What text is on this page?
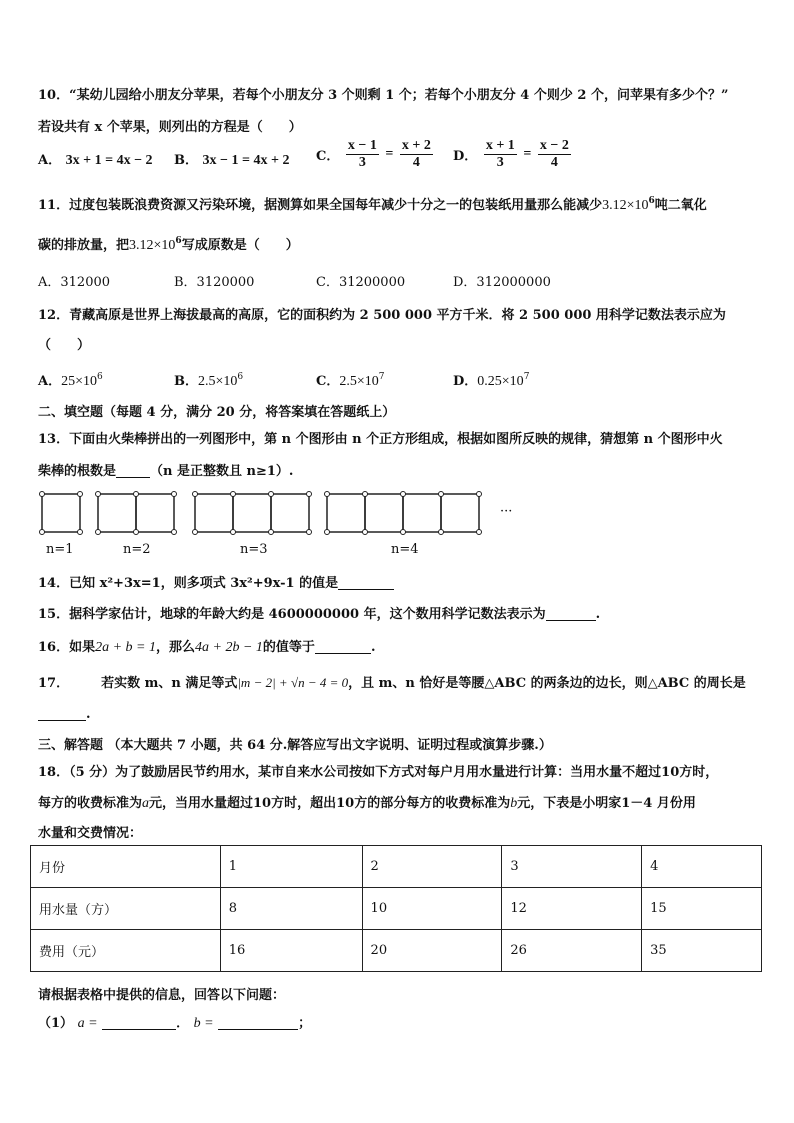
10．“某幼儿园给小朋友分苹果，若每个小朋友分 3 个则剩 1 个；若每个小朋友分 4 个则少 2 个，问苹果有多少个？”
若设共有 x 个苹果，则列出的方程是（　　）
A． 3x + 1 = 4x − 2 B． 3x − 1 = 4x + 2 C． $\frac{x - 1}{3} = \frac{x + 2}{4}$ D． $\frac{x + 1}{3} = \frac{x - 2}{4}$
11．过度包装既浪费资源又污染环境，据测算如果全国每年减少十分之一的包装纸用量那么能减少$3.12\times 10^6$吨二氧化
碳的排放量，把$3.12\times 10^6$写成原数是（　　）
A．312000	B．3120000	C．31200000	D．312000000
12．青藏高原是世界上海拔最高的高原，它的面积约为 2 500 000 平方千米．将 2 500 000 用科学记数法表示应为
（　　）
A．$25\times 10^6$	B．$2.5\times 10^6$	C．$2.5\times 10^7$	D．$0.25\times 10^7$
二、填空题（每题 4 分，满分 20 分，将答案填在答题纸上）
13．下面由火柴棒拼出的一列图形中，第 n 个图形由 n 个正方形组成，根据如图所反映的规律，猜想第 n 个图形中火
柴棒的根数是	（n 是正整数且 n≥1）.
···
n=1	n=2	n=3	n=4
14．已知 x²+3x=1，则多项式 3x²+9x-1 的值是
15．据科学家估计，地球的年龄大约是 4600000000 年，这个数用科学记数法表示为	.
16．如果2a + b = 1，那么4a + 2b − 1的值等于	.
17． 若实数 m、n 满足等式|m − 2| + √n − 4 = 0，且 m、n 恰好是等腰△ABC 的两条边的边长，则△ABC 的周长是
.
三、解答题 （本大题共 7 小题，共 64 分.解答应写出文字说明、证明过程或演算步骤.）
18．（5 分）为了鼓励居民节约用水，某市自来水公司按如下方式对每户月用水量进行计算：当用水量不超过10方时，
每方的收费标准为a元，当用水量超过10方时，超出10方的部分每方的收费标准为b元，下表是小明家1－4 月份用
水量和交费情况：
月份	1	2	3	4
用水量（方）	8	10	12	15
费用（元）	16	20	26	35
请根据表格中提供的信息，回答以下问题：
（1） a =	． b =	；
